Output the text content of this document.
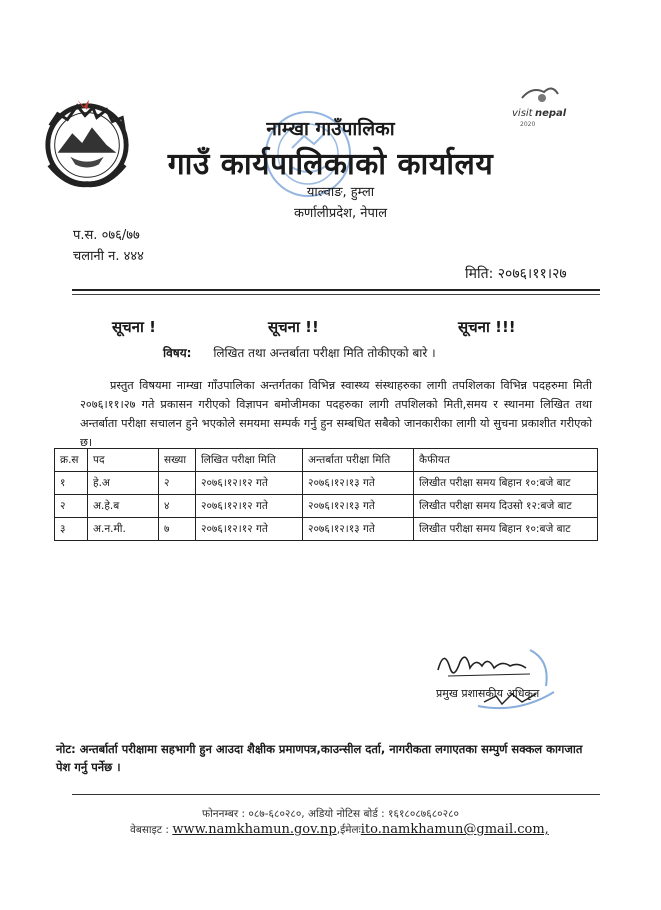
visit nepal
2020
नाम्खा गाउँपालिका
गाउँ कार्यपालिकाको कार्यालय
याल्वाङ, हुम्ला
कर्णालीप्रदेश, नेपाल
प.स. ०७६/७७
चलानी न. ४४४
मिति: २०७६।११।२७
सूचना !	सूचना !!	सूचना !!!
विषय: लिखित तथा अन्तर्बाता परीक्षा मिति तोकीएको बारे ।
प्रस्तुत विषयमा नाम्खा गाँउपालिका अन्तर्गतका विभिन्न स्वास्थ्य संस्थाहरुका लागी तपशिलका विभिन्न पदहरुमा मिती २०७६।११।२७ गते प्रकासन गरीएको विज्ञापन बमोजीमका पदहरुका लागी तपशिलको मिती,समय र स्थानमा लिखित तथा अन्तर्बाता परीक्षा सचालन हुने भएकोले समयमा सम्पर्क गर्नु हुन सम्बधित सबैको जानकारीका लागी यो सुचना प्रकाशीत गरीएको छ।
क्र.स	पद	सख्या	लिखित परीक्षा मिति	अन्तर्बाता परीक्षा मिति	कैफीयत
१	हे.अ	२	२०७६।१२।१२ गते	२०७६।१२।१३ गते	लिखीत परीक्षा समय बिहान १०:बजे बाट
२	अ.हे.ब	४	२०७६।१२।१२ गते	२०७६।१२।१३ गते	लिखीत परीक्षा समय दिउसो १२:बजे बाट
३	अ.न.मी.	७	२०७६।१२।१२ गते	२०७६।१२।१३ गते	लिखीत परीक्षा समय बिहान १०:बजे बाट
प्रमुख प्रशासकीय अधिकृत
नोट: अन्तर्बार्ता परीक्षामा सहभागी हुन आउदा शैक्षीक प्रमाणपत्र,काउन्सील दर्ता, नागरीकता लगाएतका सम्पुर्ण सक्कल कागजात पेश गर्नु पर्नेछ ।
फोननम्बर : ०८७-६८०२८०, अडियो नोटिस बोर्ड : १६१८०८७६८०२८०
वेबसाइट : www.namkhamun.gov.np,ईमेलःito.namkhamun@gmail.com,
